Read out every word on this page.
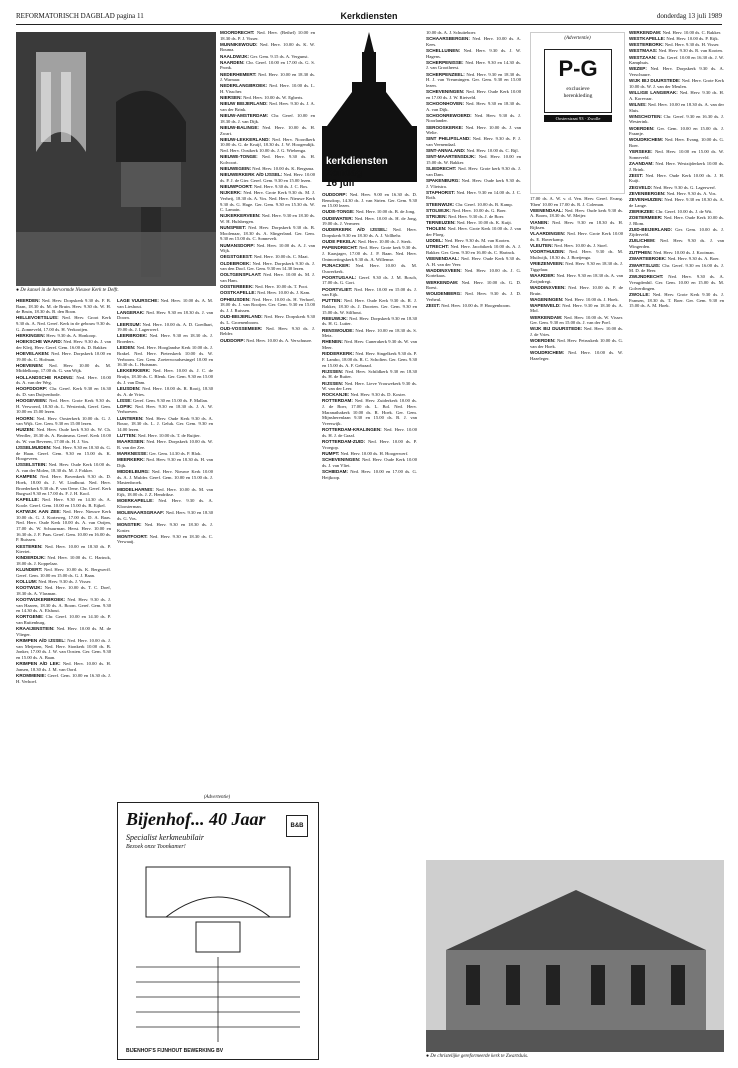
REFORMATORISCH DAGBLAD pagina 11	Kerkdiensten	donderdag 13 juli 1989
● De kansel in de hervormde Nieuwe Kerk te Delft.
kerkdiensten
Zondag
16 juli
(Advertentie)
P-G
exclusieve
herenkleding
Oosterstraat 93 · Zwolle

HEERDEN: Ned. Herv. Dorpskerk 9.30 ds. F. B. Baan, 18.30 ds. M. de Bruin. Herv. 9.30 ds. W. H. de Bruin, 18.30 ds. B. den Boon.

HELLEVOETSLUIS: Ned. Herv. Groot Kerk 9.30 ds. A. Ned. Geref. Kerk in de gebouw 9.30 ds. G. Zonneveld, 17.00 ds. H. Verkooijen.

HERKINGEN: Herv. 9.30 ds. A. Honkoop.

HOEKSCHE WAARD: Ned. Herv. 9.30 ds. J. van der Kleij, Herv. Geref. Gem. 16.00 ds. D. Bakker.

HOEVELAKEN: Ned. Herv. Dorpskerk 10.00 en 19.00 ds. C. Hofman.

HOEVENEN: Ned. Herv. 10.00 ds. M. Middelkoop, 17.00 ds. G. van Wijk.

HOLLANDSCHE RADING: Ned. Herv. 10.00 ds. A. van der Weg.

HOOFDDORP: Chr. Geref. Kerk 9.30 en 16.30 ds. D. van Duijvenbode.

HOOGEVEEN: Ned. Herv. Grote Kerk 9.30 ds. H. Verwoerd, 18.30 ds. L. Westerink, Geref. Gem. 10.00 en 15.00 lezen.

HOORN: Ned. Herv. Oosterkerk 10.00 ds. G. J. van Wijk. Ger. Gem. 9.30 en 15.00 lezen.

HUIZEN: Ned. Herv. Oude kerk 9.30 ds. W. Ch. Werdler, 18.30 ds. A. Bruinsma. Geref. Kerk 10.00 ds. W. van Beveren, 17.00 ds. H. J. Vos.

IJSSELMUIDEN: Ned. Herv. 9.30 en 18.30 ds. G. de Haan. Geref. Gem. 9.30 en 15.00 ds. K. Hoogeveen.

IJSSELSTEIN: Ned. Herv. Oude Kerk 10.00 ds. A. van der Molen, 18.30 ds. M. J. Fokker.

KAMPEN: Ned. Herv. Bovenkerk 9.30 ds. D. Hoek, 18.00 ds. J. W. Lindhout. Ned. Herv. Broederkerk 9.30 ds. P. van Oene. Chr. Geref. Kerk Burgwal 9.30 en 17.00 ds. F. J. H. Kool.

KAPELLE: Ned. Herv. 9.30 en 14.30 ds. A. Koole. Geref. Gem. 10.00 en 15.00 ds. B. Eijkel.

KATWIJK AAN ZEE: Ned. Herv. Nieuwe Kerk 10.00 ds. G. J. Korteweg, 17.00 ds. D. A. Baas. Ned. Herv. Oude Kerk 10.00 ds. A. van Ooijen, 17.00 ds. W. Schuurman. Herst. Herv. 10.00 en 16.30 ds. J. F. Paas. Geref. Gem. 10.00 en 16.00 ds. P. Ruissen.

KESTEREN: Ned. Herv. 10.00 en 18.30 ds. P. Kieviet.

KINDERDIJK: Ned. Herv. 10.00 ds. C. Harinck, 18.00 ds. J. Koppelaar.

KLUNDERT: Ned. Herv. 10.00 ds. K. Bergwerff. Geref. Gem. 10.00 en 15.00 ds. G. J. Baan.

KOLLUM: Ned. Herv. 9.30 ds. J. Visser.

KOOTWIJK: Ned. Herv. 10.00 ds. T. C. Doef, 18.30 ds. A. Vlasman.

KOOTWIJKERBROEK: Ned. Herv. 9.30 ds. J. van Haaren, 18.30 ds. A. Boom. Geref. Gem. 9.30 en 14.30 ds. A. Elshout.

KORTGENE: Chr. Geref. 10.00 en 14.30 ds. P. van Ruitenburg.

KRAAIJENSTEIN: Ned. Herv. 10.00 ds. M. de Vlieger.

KRIMPEN A/D IJSSEL: Ned. Herv. 10.00 ds. J. van Meijeren, Ned. Herv. Sionkerk 10.00 ds. B. Jonker, 17.00 ds. J. W. van Oosten. Ger. Gem. 9.30 en 15.00 ds. A. Baan.

KRIMPEN A/D LEK: Ned. Herv. 10.00 ds. H. Jansen, 18.30 ds. J. M. van Oord.

KROMMENIE: Geref. Gem. 10.00 en 16.30 ds. J. H. Verhoef.

LAGE VUURSCHE: Ned. Herv. 10.00 ds. A. M. van Lieshout.

LANGERAK: Ned. Herv. 9.30 en 18.30 ds. J. van Doorn.

LEERSUM: Ned. Herv. 10.00 ds. A. D. Goedhart, 19.00 ds. J. Lagerwerf.

LEERBROEK: Ned. Herv. 9.30 en 18.30 ds. J. Broeders.

LEIDEN: Ned. Herv. Hooglandse Kerk 10.00 ds. J. Brakel. Ned. Herv. Pieterskerk 10.00 ds. W. Verboom. Ger. Gem. Zoeterwoudsesingel 10.00 en 16.30 ds. L. Huisman.

LEKKERKERK: Ned. Herv. 10.00 ds. J. C. de Bruijn, 18.30 ds. C. Blenk. Ger. Gem. 9.30 en 15.00 ds. J. van Dam.

LEUSDEN: Ned. Herv. 10.00 ds. R. Rooij, 18.30 ds. A. de Vries.

LISSE: Geref. Gem. 9.30 en 15.00 ds. F. Mallan.

LOPIK: Ned. Herv. 9.30 en 18.30 ds. J. A. W. Verhoeven.

LUNTEREN: Ned. Herv. Oude Kerk 9.30 ds. A. Bouw, 18.30 ds. L. J. Geluk. Ger. Gem. 9.30 en 14.00 lezen.

LUTTEN: Ned. Herv. 10.00 ds. T. de Ruijter.

MAARSSEN: Ned. Herv. Dorpskerk 10.00 ds. W. R. van der Zee.

MARKNESSE: Ger. Gem. 14.30 ds. P. Blok.

MEERKERK: Ned. Herv. 9.30 en 18.30 ds. H. van Dijk.

MIDDELBURG: Ned. Herv. Nieuwe Kerk 10.00 ds. A. J. Mulder. Geref. Gem. 10.00 en 15.00 ds. J. Mastenbroek.

MIDDELHARNIS: Ned. Herv. 10.00 ds. M. van Eijk, 18.00 ds. J. Z. Hendrikse.

MOERKAPELLE: Ned. Herv. 9.30 ds. A. Kloosterman.

MOLENAARSGRAAF: Ned. Herv. 9.30 en 18.30 ds. G. Vos.

MONSTER: Ned. Herv. 9.30 en 18.30 ds. J. Koster.

MONTFOORT: Ned. Herv. 9.30 en 18.30 ds. C. Verwaaij.

MOORDRECHT: Ned. Herv. (Bethel) 10.00 en 18.30 ds. P. J. Visser.

MUNNIKEWOUD: Ned. Herv. 10.00 ds. K. W. Bouma.

NAALDWIJK: Ger. Gem. 9.15 ds. A. Vergunst.

NAARDEN: Chr. Geref. 10.00 en 17.00 ds. G. S. Pronk.

NEDERHEMERT: Ned. Herv. 10.00 en 18.30 ds. J. Warnaar.

NEDERLANGBROEK: Ned. Herv. 10.00 ds. L. H. Visscher.

NIERSEN: Ned. Herv. 10.00 ds. W. Egberts.

NIEUW BEIJERLAND: Ned. Herv. 9.30 ds. J. A. van der Brink.

NIEUW-AMSTERDAM: Chr. Geref. 10.00 en 18.30 ds. J. van Dijk.

NIEUW-BALINGE: Ned. Herv. 10.00 ds. H. Zwart.

NIEUW-LEKKERLAND: Ned. Herv. Noordkerk 10.00 ds. G. de Kruijf, 18.30 ds. J. W. Hoogendijk. Ned. Herv. Oostkerk 10.00 ds. J. G. Wiebenga.

NIEUWE-TONGE: Ned. Herv. 9.30 ds. H. Kolvoort.

NIEUWEGEIN: Ned. Herv. 10.00 ds. K. Bergsma.

NIEUWERKERK A/D IJSSEL: Ned. Herv. 10.00 ds. P. J. de Gier. Geref. Gem. 9.30 en 15.00 lezen.

NIEUWPOORT: Ned. Herv. 9.30 ds. J. C. Bos.

NIJKERK: Ned. Herv. Grote Kerk 9.30 ds. M. J. Verheij, 18.30 ds. A. Vos. Ned. Herv. Nieuwe Kerk 9.30 ds. G. Hage. Ger. Gem. 9.30 en 15.30 ds. W. C. Lamain.

NIJKERKERVEEN: Ned. Herv. 9.30 en 18.30 ds. W. H. Hulsbergen.

NUNSPEET: Ned. Herv. Dorpskerk 9.30 ds. B. Moolenaar, 18.30 ds. A. Slingerland. Ger. Gem. 9.30 en 15.00 ds. C. Sonnevelt.

NUMANSDORP: Ned. Herv. 10.00 ds. A. J. van Wijk.

OEGSTGEEST: Ned. Herv. 10.00 ds. C. Maat.

OLDEBROEK: Ned. Herv. Dorpskerk 9.30 ds. J. van den Dool. Ger. Gem. 9.30 en 14.30 lezen.

OOLTGENSPLAAT: Ned. Herv. 10.00 ds. M. J. van Ham.

OOSTERBEEK: Ned. Herv. 10.00 ds. T. Poot.

OOSTKAPELLE: Ned. Herv. 10.00 ds. J. Kam.

OPHEUSDEN: Ned. Herv. 10.00 ds. H. Verhoef, 18.00 ds. J. van Rooijen. Ger. Gem. 9.30 en 15.00 ds. J. J. Ruissen.

OUD-BEIJERLAND: Ned. Herv. Dorpskerk 9.30 ds. L. Groenenboom.

OUD-VOSSEMEER: Ned. Herv. 9.30 ds. J. Belder.

OUDDORP: Ned. Herv. 10.00 ds. A. Verschuure.

OUDDORP: Ned. Herv. 9.00 en 16.30 ds. D. Bensdorp, 14.30 ds. J. van Strien. Ger. Gem. 9.30 en 15.00 lezen.

OUDE-TONGE: Ned. Herv. 10.00 ds. B. de Jong.

OUDEWATER: Ned. Herv. 10.00 ds. H. de Jong, 19.00 ds. J. Vermeer.

OUDERKERK A/D IJSSEL: Ned. Herv. Dorpskerk 9.30 en 18.30 ds. A. J. Vollbehr.

OUDE PEKELA: Ned. Herv. 10.00 ds. J. Sterk.

PAPENDRECHT: Ned. Herv. Grote kerk 9.30 ds. J. Kaasjager, 17.00 ds. J. P. Baan. Ned. Herv. Ontmoetingskerk 9.30 ds. A. Willemse.

PIJNACKER: Ned. Herv. 10.00 ds. M. Ouwerkerk.

POORTUGAAL: Geref. 9.30 ds. J. M. Bosch, 17.00 ds. G. Gort.

POORTVLIET: Ned. Herv. 10.00 en 15.00 ds. J. van Eijk.

PUTTEN: Ned. Herv. Oude Kerk 9.30 ds. R. J. Bakker, 18.30 ds. J. Doorten. Ger. Gem. 9.30 en 15.00 ds. W. Silfhout.

REEUWIJK: Ned. Herv. Dorpskerk 9.30 en 18.30 ds. H. G. Lutter.

RENSWOUDE: Ned. Herv. 10.00 en 18.30 ds. S. Metz.

RHENEN: Ned. Herv. Cunerakerk 9.30 ds. W. van Meer.

RIDDERKERK: Ned. Herv. Singelkerk 9.30 ds. P. F. Lambo, 18.00 ds. R. C. Scholten. Ger. Gem. 9.30 en 15.00 ds. A. F. Gebraad.

RIJSSEN: Ned. Herv. Schildkerk 9.30 en 18.30 ds. H. de Ruiter.

RIJSSEN: Ned. Herv. Lieve Vrouwekerk 9.30 ds. W. van der Leer.

ROCKANJE: Ned. Herv. 9.30 ds. D. Koster.

ROTTERDAM: Ned. Herv. Zuiderkerk 10.00 ds. J. de Boer, 17.00 ds. L. Bol. Ned. Herv. Maranathakerk 10.00 ds. R. Hoek. Ger. Gem. Mijnsherenlaan 9.30 en 15.00 ds. B. J. van Vreeswijk.

ROTTERDAM-KRALINGEN: Ned. Herv. 10.00 ds. H. J. de Graaf.

ROTTERDAM-ZUID: Ned. Herv. 10.00 ds. P. Vroegop.

RUMPT: Ned. Herv. 10.00 ds. H. Hoogerwerf.

SCHEVENINGEN: Ned. Herv. Oude Kerk 10.00 ds. J. van Vliet.

SCHIEDAM: Ned. Herv. 10.00 en 17.00 ds. G. Heijkoop.

10.00 ds. A. J. Schuiteboer.

SCHAARSBERGEN: Ned. Herv. 10.00 ds. A. Kees.

SCHELLUINEN: Ned. Herv. 9.30 ds. J. W. Hagens.

SCHERPENISSE: Ned. Herv. 9.30 en 14.30 ds. J. van Grootheest.

SCHERPENZEEL: Ned. Herv. 9.30 en 18.30 ds. H. J. van Vreumingen. Ger. Gem. 9.30 en 15.00 lezen.

SCHEVENINGEN: Ned. Herv. Oude Kerk 10.00 en 17.00 ds. J. W. Rietveld.

SCHOONHOVEN: Ned. Herv. 9.30 en 18.30 ds. A. van Dijk.

SCHOONREWOERD: Ned. Herv. 9.30 ds. J. Noorlander.

SEROOSKERKE: Ned. Herv. 10.00 ds. J. van Welie.

SINT PHILIPSLAND: Ned. Herv. 9.30 ds. P. J. van Veenendaal.

SINT-ANNALAND: Ned. Herv. 10.00 ds. C. Bijl.

SINT-MAARTENSDIJK: Ned. Herv. 10.00 en 15.00 ds. W. Bakker.

SLIEDRECHT: Ned. Herv. Grote kerk 9.30 ds. J. van Dam.

SPAKENBURG: Ned. Herv. Oude kerk 9.30 ds. J. Vlietstra.

STAPHORST: Ned. Herv. 9.30 en 14.00 ds. J. C. Roth.

STEENWIJK: Chr. Geref. 10.00 ds. B. Kamp.

STOLWIJK: Ned. Herv. 10.00 ds. G. Boer.

STRIJEN: Ned. Herv. 9.30 ds. J. de Boer.

TERNEUZEN: Ned. Herv. 10.00 ds. K. Kuijt.

THOLEN: Ned. Herv. Grote Kerk 10.00 ds. J. van der Ploeg.

UDDEL: Ned. Herv. 9.30 ds. M. van Kooten.

UTRECHT: Ned. Herv. Jacobikerk 10.00 ds. A. J. Bakker. Ger. Gem. 9.30 en 16.00 ds. C. Harinck.

VEENENDAAL: Ned. Herv. Oude Kerk 9.30 ds. A. H. van der Veer.

WADDINXVEEN: Ned. Herv. 10.00 ds. J. G. Kortekaas.

WERKENDAM: Ned. Herv. 10.00 ds. G. D. Roest.

WOUDENBERG: Ned. Herv. 9.30 ds. J. D. Verheul.

ZEIST: Ned. Herv. 10.00 ds. P. Hoogenboom.

17.00 ds. A. W. v. d. Ven. Herv. Geref. Evang. 'Eben' 10.00 en 17.00 ds. R. J. Coleman.

VEENENDAAL: Ned. Herv. Oude kerk 9.30 ds. A. Boom, 18.30 ds. W. Meijer.

VIANEN: Ned. Herv. 9.30 en 18.30 ds. H. Rijksen.

VLAARDINGEN: Ned. Herv. Grote Kerk 10.00 ds. E. Haverkamp.

VLEUTEN: Ned. Herv. 10.00 ds. J. Stoel.

VOORTHUIZEN: Ned. Herv. 9.30 ds. M. Muilwijk, 18.30 ds. J. Boeijenga.

VRIEZENVEEN: Ned. Herv. 9.30 en 18.30 ds. J. Tiggelaar.

WAARDER: Ned. Herv. 9.30 en 18.30 ds. A. van Zwijndregt.

WADDINXVEEN: Ned. Herv. 10.00 ds. P. de Bruin.

WAGENINGEN: Ned. Herv. 10.00 ds. J. Hoek.

WAPENVELD: Ned. Herv. 9.30 en 18.30 ds. A. Mol.

WERKENDAM: Ned. Herv. 10.00 ds. W. Visser. Ger. Gem. 9.30 en 15.00 ds. J. van der Poel.

WIJK BIJ DUURSTEDE: Ned. Herv. 10.00 ds. J. de Vries.

WOERDEN: Ned. Herv. Petruskerk 10.00 ds. G. van der Hoek.

WOUDRICHEM: Ned. Herv. 10.00 ds. W. Hazeleger.

WERKENDAM: Ned. Herv. 10.00 ds. C. Bakker.

WESTKAPELLE: Ned. Herv. 10.00 ds. P. Rijk.

WESTERBORK: Ned. Herv. 9.30 ds. H. Visser.

WESTMAAS: Ned. Herv. 9.30 ds. R. van Kooten.

WESTZAAN: Chr. Geref. 10.00 en 16.30 ds. J. W. Kamphuis.

WEZEP: Ned. Herv. Dorpskerk 9.30 ds. A. Verschuure.

WIJK BIJ DUURSTEDE: Ned. Herv. Grote Kerk 10.00 ds. W. J. van der Meulen.

WILLIGE LANGERAK: Ned. Herv. 9.30 ds. H. A. Korevaar.

WILNIS: Ned. Herv. 10.00 en 18.30 ds. A. van der Sluis.

WINSCHOTEN: Chr. Geref. 9.30 en 16.30 ds. J. Westerink.

WOERDEN: Ger. Gem. 10.00 en 15.00 ds. J. Fraanje.

WOUDRICHEM: Ned. Herv. Evang. 10.00 ds. G. Boer.

YERSEKE: Ned. Herv. 10.00 en 15.00 ds. W. Sonneveld.

ZAANDAM: Ned. Herv. Westzijderkerk 10.00 ds. J. Brink.

ZEIST: Ned. Herv. Oude Kerk 10.00 ds. J. H. Kuijt.

ZEGVELD: Ned. Herv. 9.30 ds. G. Lagerwerf.

ZEVENBERGEN: Ned. Herv. 9.30 ds. A. Vos.

ZEVENHUIZEN: Ned. Herv. 9.30 en 18.30 ds. A. de Lange.

ZIERIKZEE: Chr. Geref. 10.00 ds. J. de Wit.

ZOETERMEER: Ned. Herv. Oude Kerk 10.00 ds. J. Blom.

ZUID-BEIJERLAND: Ger. Gem. 10.00 ds. J. Zijderveld.

ZUILICHEM: Ned. Herv. 9.30 ds. J. van Wingerden.

ZUTPHEN: Ned. Herv. 10.00 ds. J. Kooiman.

ZWARTEBROEK: Ned. Herv. 9.30 ds. A. Boer.

ZWARTSLUIS: Chr. Geref. 9.30 en 16.00 ds. J. M. D. de Heer.

ZWIJNDRECHT: Ned. Herv. 9.30 ds. A. Vreugdenhil. Ger. Gem. 10.00 en 15.00 ds. M. Golverdingen.

ZWOLLE: Ned. Herv. Grote Kerk 9.30 ds. J. Fransen, 18.30 ds. T. Boer. Ger. Gem. 9.30 en 15.00 ds. A. M. Hoek.

Bijenhof... 40 Jaar	B&B
Specialist kerkmeubilair
Bezoek onze Toonkamer!
BIJENHOF'S FIJNHOUT BEWERKING BV
(Advertentie)
● De christelijke gereformeerde kerk te Zwartsluis.
